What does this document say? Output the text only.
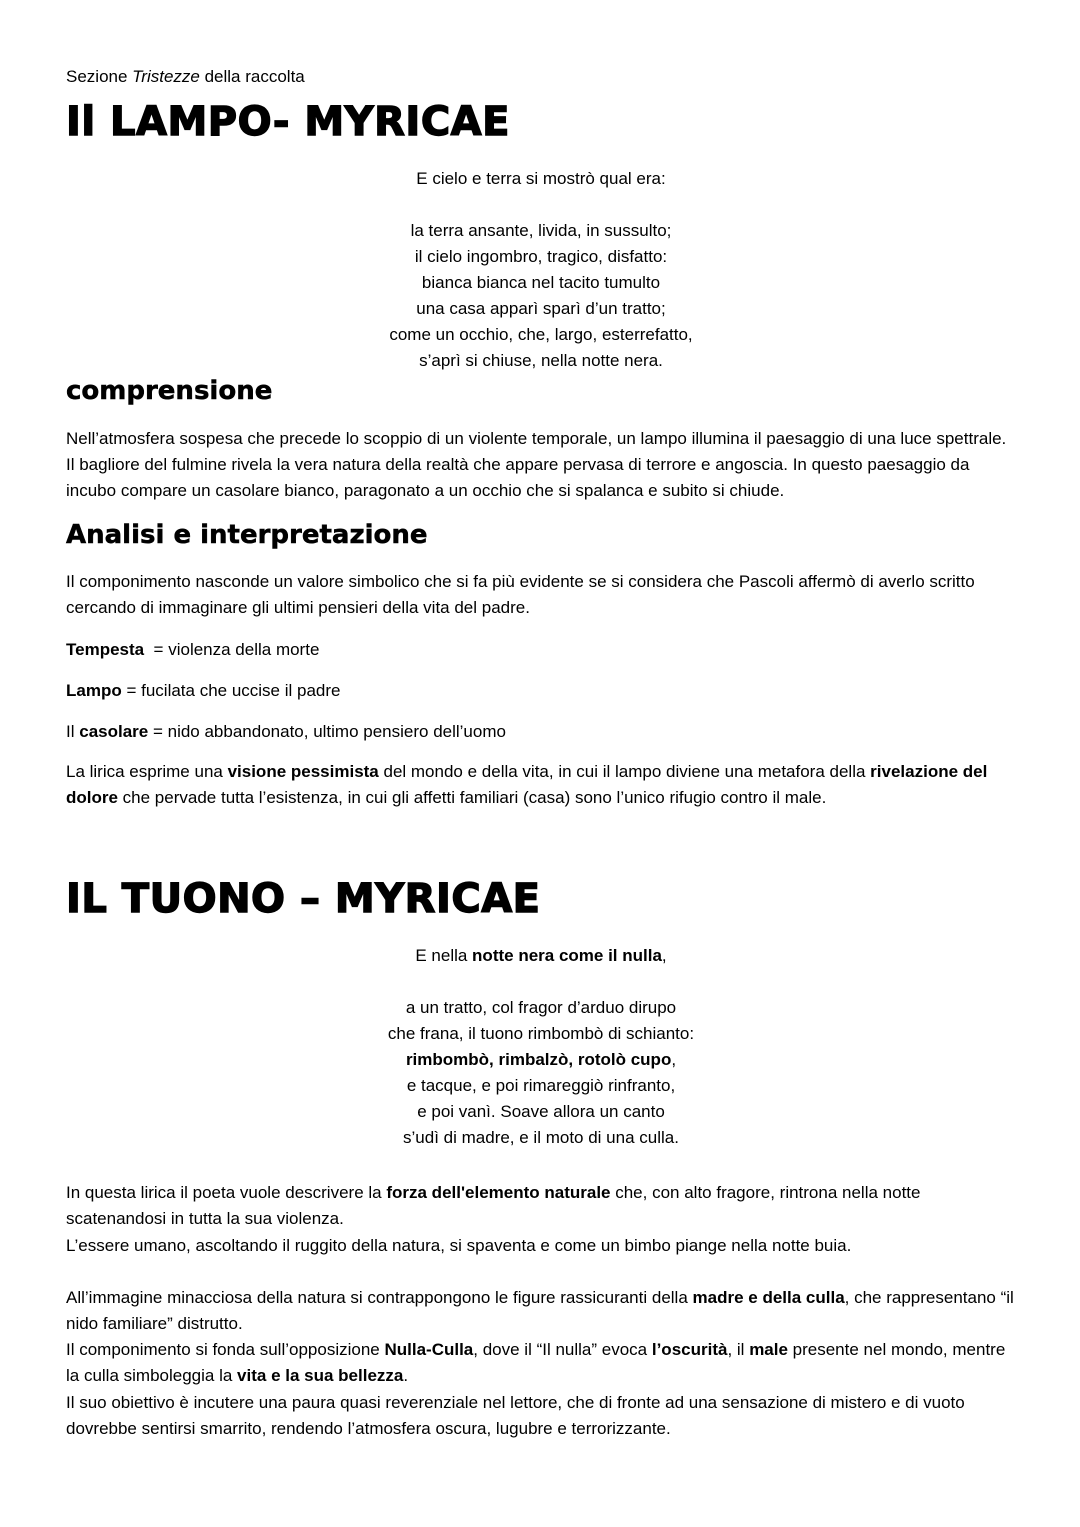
Sezione Tristezze della raccolta

Il LAMPO- MYRICAE
E cielo e terra si mostrò qual era:
la terra ansante, livida, in sussulto;
il cielo ingombro, tragico, disfatto:
bianca bianca nel tacito tumulto
una casa apparì sparì d’un tratto;
come un occhio, che, largo, esterrefatto,
s’aprì si chiuse, nella notte nera.
comprensione

Nell’atmosfera sospesa che precede lo scoppio di un violente temporale, un lampo illumina il paesaggio di una luce spettrale. Il bagliore del fulmine rivela la vera natura della realtà che appare pervasa di terrore e angoscia. In questo paesaggio da incubo compare un casolare bianco, paragonato a un occhio che si spalanca e subito si chiude.

Analisi e interpretazione

Il componimento nasconde un valore simbolico che si fa più evidente se si considera che Pascoli affermò di averlo scritto cercando di immaginare gli ultimi pensieri della vita del padre.

Tempesta  = violenza della morte

Lampo = fucilata che uccise il padre

Il casolare = nido abbandonato, ultimo pensiero dell’uomo

La lirica esprime una visione pessimista del mondo e della vita, in cui il lampo diviene una metafora della rivelazione del dolore che pervade tutta l’esistenza, in cui gli affetti familiari (casa) sono l’unico rifugio contro il male.

IL TUONO – MYRICAE
E nella notte nera come il nulla,
a un tratto, col fragor d’arduo dirupo
che frana, il tuono rimbombò di schianto:
rimbombò, rimbalzò, rotolò cupo,
e tacque, e poi rimareggiò rinfranto,
e poi vanì. Soave allora un canto
s’udì di madre, e il moto di una culla.

In questa lirica il poeta vuole descrivere la forza dell'elemento naturale che, con alto fragore, rintrona nella notte scatenandosi in tutta la sua violenza.

L’essere umano, ascoltando il ruggito della natura, si spaventa e come un bimbo piange nella notte buia.

All’immagine minacciosa della natura si contrappongono le figure rassicuranti della madre e della culla, che rappresentano “il nido familiare” distrutto.

Il componimento si fonda sull’opposizione Nulla-Culla, dove il “Il nulla” evoca l’oscurità, il male presente nel mondo, mentre la culla simboleggia la vita e la sua bellezza.

Il suo obiettivo è incutere una paura quasi reverenziale nel lettore, che di fronte ad una sensazione di mistero e di vuoto dovrebbe sentirsi smarrito, rendendo l’atmosfera oscura, lugubre e terrorizzante.
